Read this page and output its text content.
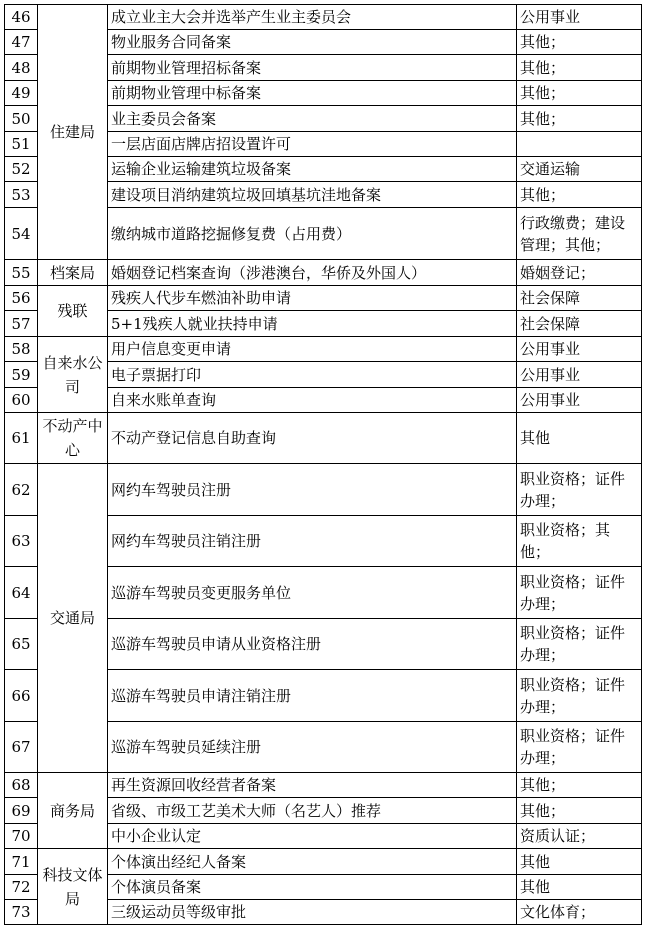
46	住建局	成立业主大会并选举产生业主委员会	公用事业
47		物业服务合同备案	其他；
48		前期物业管理招标备案	其他；
49		前期物业管理中标备案	其他；
50		业主委员会备案	其他；
51		一层店面店牌店招设置许可	
52		运输企业运输建筑垃圾备案	交通运输
53		建设项目消纳建筑垃圾回填基坑洼地备案	其他；
54		缴纳城市道路挖掘修复费（占用费）	行政缴费；建设管理；其他；
55	档案局	婚姻登记档案查询（涉港澳台，华侨及外国人）	婚姻登记；
56	残联	残疾人代步车燃油补助申请	社会保障
57		5+1残疾人就业扶持申请	社会保障
58	自来水公司	用户信息变更申请	公用事业
59		电子票据打印	公用事业
60		自来水账单查询	公用事业
61	不动产中心	不动产登记信息自助查询	其他
62	交通局	网约车驾驶员注册	职业资格；证件办理；
63		网约车驾驶员注销注册	职业资格；其他；
64		巡游车驾驶员变更服务单位	职业资格；证件办理；
65		巡游车驾驶员申请从业资格注册	职业资格；证件办理；
66		巡游车驾驶员申请注销注册	职业资格；证件办理；
67		巡游车驾驶员延续注册	职业资格；证件办理；
68	商务局	再生资源回收经营者备案	其他；
69		省级、市级工艺美术大师（名艺人）推荐	其他；
70		中小企业认定	资质认证；
71	科技文体局	个体演出经纪人备案	其他
72		个体演员备案	其他
73		三级运动员等级审批	文化体育；
